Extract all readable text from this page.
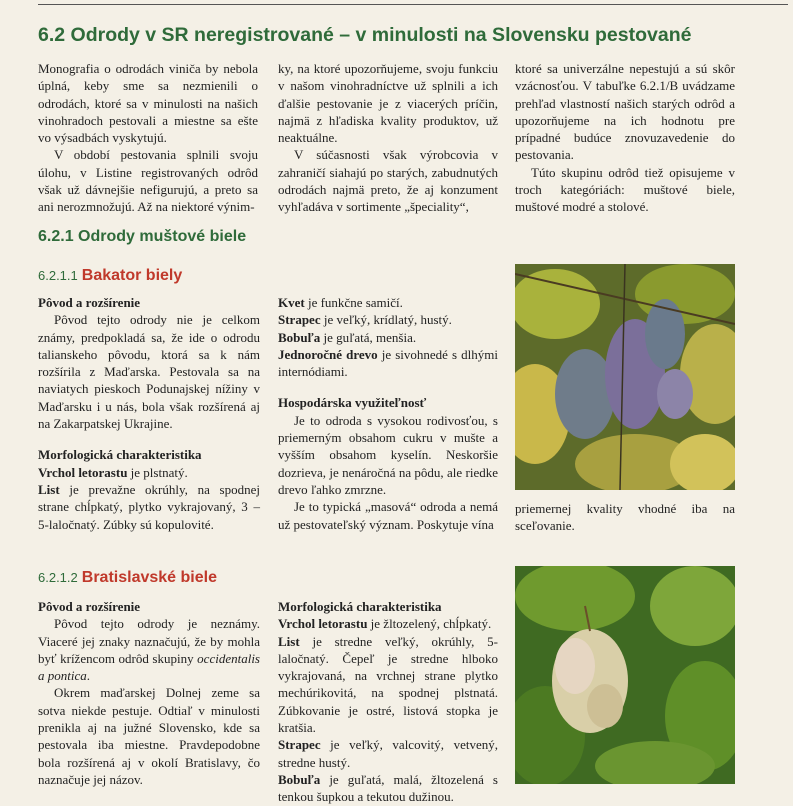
6.2 Odrody v SR neregistrované – v minulosti na Slovensku pestované

Monografia o odrodách viniča by nebola úplná, keby sme sa nezmienili o odrodách, ktoré sa v minulosti na našich vinohradoch pestovali a miestne sa ešte vo výsadbách vyskytujú.

V období pestovania splnili svoju úlohu, v Listine registrovaných odrôd však už dávnejšie nefigurujú, a preto sa ani nerozmnožujú. Až na niektoré výnim-

ky, na ktoré upozorňujeme, svoju funkciu v našom vinohradníctve už splnili a ich ďalšie pestovanie je z viacerých príčin, najmä z hľadiska kvality produktov, už neaktuálne.

V súčasnosti však výrobcovia v zahraničí siahajú po starých, zabudnutých odrodách najmä preto, že aj konzument vyhľadáva v sortimente „špeciality“,

ktoré sa univerzálne nepestujú a sú skôr vzácnosťou. V tabuľke 6.2.1/B uvádzame prehľad vlastností našich starých odrôd a upozorňujeme na ich hodnotu pre prípadné budúce znovuzavedenie do pestovania.

Túto skupinu odrôd tiež opisujeme v troch kategóriách: muštové biele, muštové modré a stolové.

6.2.1 Odrody muštové biele
6.2.1.1 Bakator biely

Pôvod a rozšírenie

Pôvod tejto odrody nie je celkom známy, predpokladá sa, že ide o odrodu talianskeho pôvodu, ktorá sa k nám rozšírila z Maďarska. Pestovala sa na naviatych pieskoch Podunajskej nížiny v Maďarsku i u nás, bola však rozšírená aj na Zakarpatskej Ukrajine.

Morfologická charakteristika

Vrchol letorastu je plstnatý.

List je prevažne okrúhly, na spodnej strane chĺpkatý, plytko vykrajovaný, 3 – 5-laločnatý. Zúbky sú kopulovité.

Kvet je funkčne samičí.

Strapec je veľký, krídlatý, hustý.

Bobuľa je guľatá, menšia.

Jednoročné drevo je sivohnedé s dlhými internódiami.

Hospodárska využiteľnosť

Je to odroda s vysokou rodivosťou, s priemerným obsahom cukru v mušte a vyšším obsahom kyselín. Neskoršie dozrieva, je nenáročná na pôdu, ale riedke drevo ľahko zmrzne.

Je to typická „masová“ odroda a nemá už pestovateľský význam. Poskytuje vína

priemernej kvality vhodné iba na sceľovanie.

6.2.1.2 Bratislavské biele

Pôvod a rozšírenie

Pôvod tejto odrody je neznámy. Viaceré jej znaky naznačujú, že by mohla byť krížencom odrôd skupiny occidentalis a pontica.

Okrem maďarskej Dolnej zeme sa sotva niekde pestuje. Odtiaľ v minulosti prenikla aj na južné Slovensko, kde sa pestovala iba miestne. Pravdepodobne bola rozšírená aj v okolí Bratislavy, čo naznačuje jej názov.

Morfologická charakteristika

Vrchol letorastu je žltozelený, chĺpkatý.

List je stredne veľký, okrúhly, 5-laločnatý. Čepeľ je stredne hlboko vykrajovaná, na vrchnej strane plytko mechúrikovitá, na spodnej plstnatá. Zúbkovanie je ostré, listová stopka je kratšia.

Strapec je veľký, valcovitý, vetvený, stredne hustý.

Bobuľa je guľatá, malá, žltozelená s tenkou šupkou a tekutou dužinou.
